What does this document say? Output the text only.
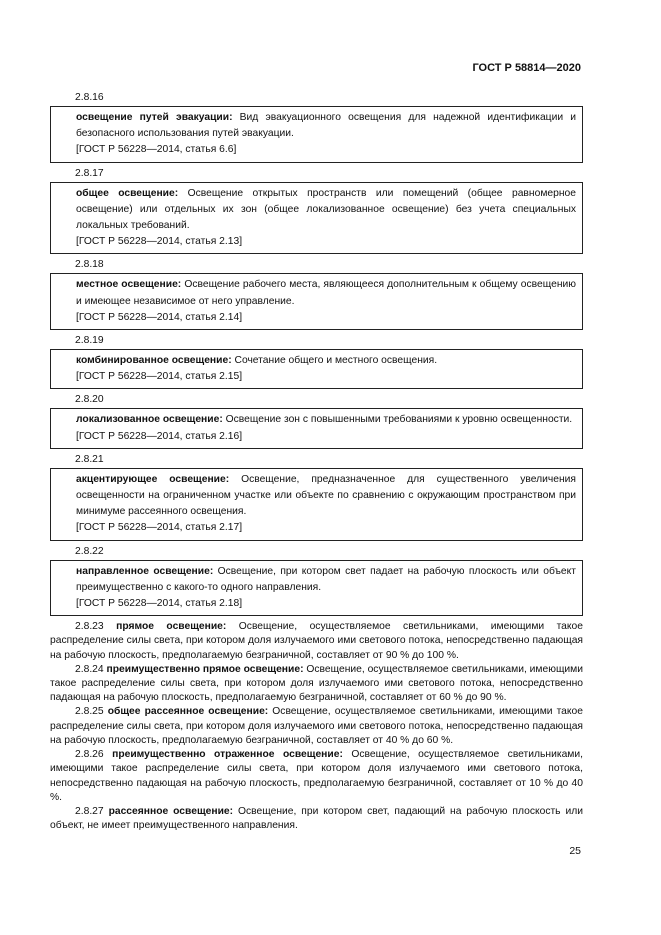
ГОСТ Р 58814—2020
2.8.16

освещение путей эвакуации: Вид эвакуационного освещения для надежной идентификации и безопасного использования путей эвакуации.

[ГОСТ Р 56228—2014, статья 6.6]

2.8.17

общее освещение: Освещение открытых пространств или помещений (общее равномерное освещение) или отдельных их зон (общее локализованное освещение) без учета специальных локальных требований.

[ГОСТ Р 56228—2014, статья 2.13]

2.8.18

местное освещение: Освещение рабочего места, являющееся дополнительным к общему освещению и имеющее независимое от него управление.

[ГОСТ Р 56228—2014, статья 2.14]

2.8.19

комбинированное освещение: Сочетание общего и местного освещения.

[ГОСТ Р 56228—2014, статья 2.15]

2.8.20

локализованное освещение: Освещение зон с повышенными требованиями к уровню освещенности.

[ГОСТ Р 56228—2014, статья 2.16]

2.8.21

акцентирующее освещение: Освещение, предназначенное для существенного увеличения освещенности на ограниченном участке или объекте по сравнению с окружающим пространством при минимуме рассеянного освещения.

[ГОСТ Р 56228—2014, статья 2.17]

2.8.22

направленное освещение: Освещение, при котором свет падает на рабочую плоскость или объект преимущественно с какого-то одного направления.

[ГОСТ Р 56228—2014, статья 2.18]

2.8.23 прямое освещение: Освещение, осуществляемое светильниками, имеющими такое распределение силы света, при котором доля излучаемого ими светового потока, непосредственно падающая на рабочую плоскость, предполагаемую безграничной, составляет от 90 % до 100 %.

2.8.24 преимущественно прямое освещение: Освещение, осуществляемое светильниками, имеющими такое распределение силы света, при котором доля излучаемого ими светового потока, непосредственно падающая на рабочую плоскость, предполагаемую безграничной, составляет от 60 % до 90 %.

2.8.25 общее рассеянное освещение: Освещение, осуществляемое светильниками, имеющими такое распределение силы света, при котором доля излучаемого ими светового потока, непосредственно падающая на рабочую плоскость, предполагаемую безграничной, составляет от 40 % до 60 %.

2.8.26 преимущественно отраженное освещение: Освещение, осуществляемое светильниками, имеющими такое распределение силы света, при котором доля излучаемого ими светового потока, непосредственно падающая на рабочую плоскость, предполагаемую безграничной, составляет от 10 % до 40 %.

2.8.27 рассеянное освещение: Освещение, при котором свет, падающий на рабочую плоскость или объект, не имеет преимущественного направления.

25
